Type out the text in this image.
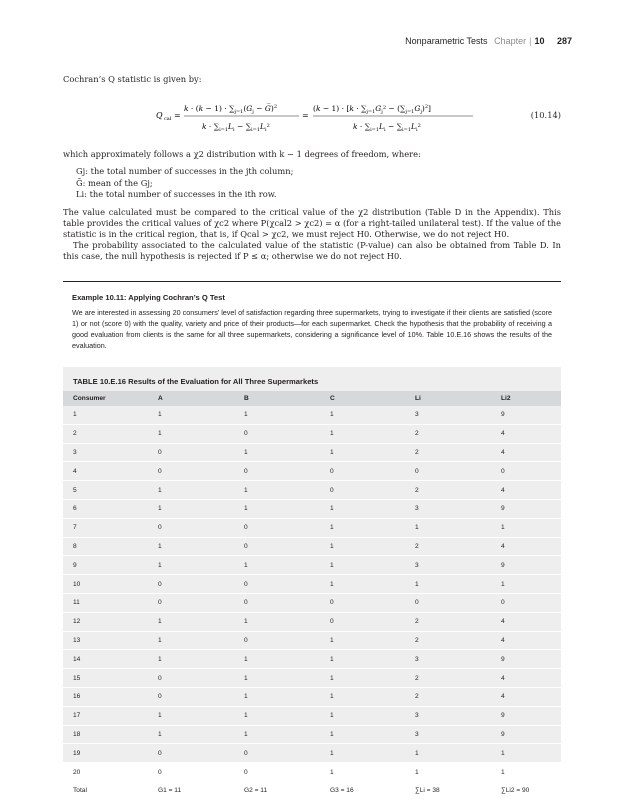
Nonparametric Tests Chapter | 10 287
Cochran’s Q statistic is given by:
Q cal =
$k \cdot (k - 1) \cdot \sum_{j=1}(G_j$ − G̅)$^2$
$k \cdot \sum_{i=1}L_i - \sum_{i=1}L_i^2$
=
$(k - 1) \cdot [k \cdot \sum_{j=1}G_j^2 - (\sum_{j=1}G_j)^2]$
$k \cdot \sum_{i=1}L_i - \sum_{i=1}L_i^2$
(10.14)
which approximately follows a χ2 distribution with k − 1 degrees of freedom, where:
Gj: the total number of successes in the jth column;
Ḡ: mean of the Gj;
Li: the total number of successes in the ith row.

The value calculated must be compared to the critical value of the χ2 distribution (Table D in the Appendix). This table provides the critical values of χc2 where P(χcal2 > χc2) = α (for a right-tailed unilateral test). If the value of the statistic is in the critical region, that is, if Qcal > χc2, we must reject H0. Otherwise, we do not reject H0.

The probability associated to the calculated value of the statistic (P-value) can also be obtained from Table D. In this case, the null hypothesis is rejected if P ≤ α; otherwise we do not reject H0.

Example 10.11: Applying Cochran’s Q Test
We are interested in assessing 20 consumers’ level of satisfaction regarding three supermarkets, trying to investigate if their clients are satisfied (score 1) or not (score 0) with the quality, variety and price of their products—for each supermarket. Check the hypothesis that the probability of receiving a good evaluation from clients is the same for all three supermarkets, considering a significance level of 10%. Table 10.E.16 shows the results of the evaluation.
TABLE 10.E.16 Results of the Evaluation for All Three Supermarkets
Consumer	A	B	C	Li	Li2
1	1	1	1	3	9
2	1	0	1	2	4
3	0	1	1	2	4
4	0	0	0	0	0
5	1	1	0	2	4
6	1	1	1	3	9
7	0	0	1	1	1
8	1	0	1	2	4
9	1	1	1	3	9
10	0	0	1	1	1
11	0	0	0	0	0
12	1	1	0	2	4
13	1	0	1	2	4
14	1	1	1	3	9
15	0	1	1	2	4
16	0	1	1	2	4
17	1	1	1	3	9
18	1	1	1	3	9
19	0	0	1	1	1
20	0	0	1	1	1
Total	G1 = 11	G2 = 11	G3 = 16	∑Li = 38	∑Li2 = 90
